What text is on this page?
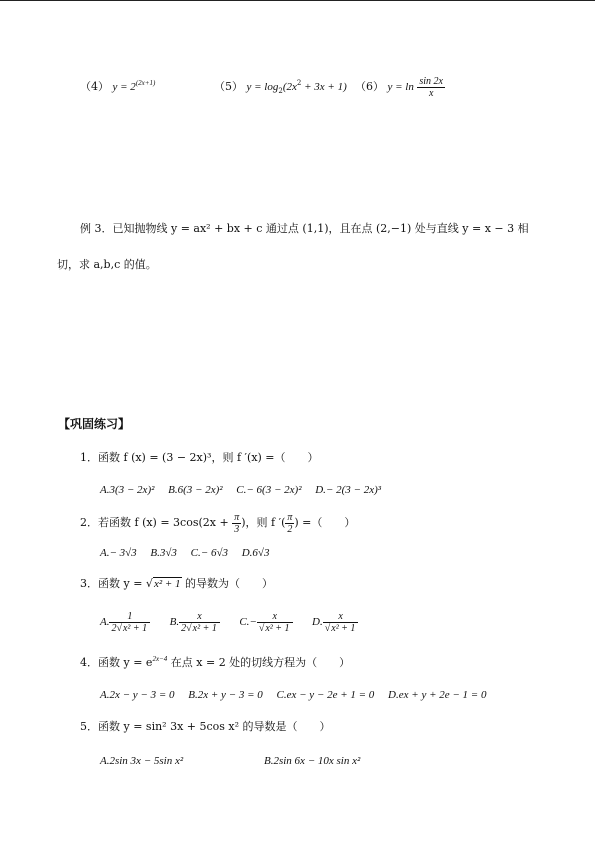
（4） $y = 2^{(2x+1)}$	（5） $y = \log_2(2x^2 + 3x + 1)$ （6） $y = \ln \frac{\sin 2x}{x}$
例 3．已知抛物线 y = ax² + bx + c 通过点 (1,1)，且在点 (2,−1) 处与直线 y = x − 3 相
切，求 a,b,c 的值。
【巩固练习】
1．函数 f (x) = (3 − 2x)³，则 f ′(x) =（　　）
A.3(3 − 2x)²　 B.6(3 − 2x)²　 C.− 6(3 − 2x)²　 D.− 2(3 − 2x)³
2．若函数 f $(x) = 3\cos(2x + \frac{\pi}{3}$ )，则 f ′( $\frac{\pi}{2}$ ) =（　　）
A.− 3√3　 B.3√3　 C.− 6√3　 D.6√3
3．函数 y = √x² + 1 的导数为（　　）
A. $\frac{1}{\text{2√x² + 1}} B$. $\frac{x}{\text{2√x² + 1}} C.- \frac{x}{\text{√x² + 1}} D$. $\frac{x}{\text{√x² + 1}}$
4．函数 $y = e^{2x-4}$ 在点 x = 2 处的切线方程为（　　）
A.2x − y − 3 = 0　 B.2x + y − 3 = 0　 C.ex − y − 2e + 1 = 0　 D.ex + y + 2e − 1 = 0
5．函数 y = sin² 3x + 5cos x² 的导数是（　　）
A.2sin 3x − 5sin x²	B.2sin 6x − 10x sin x²
